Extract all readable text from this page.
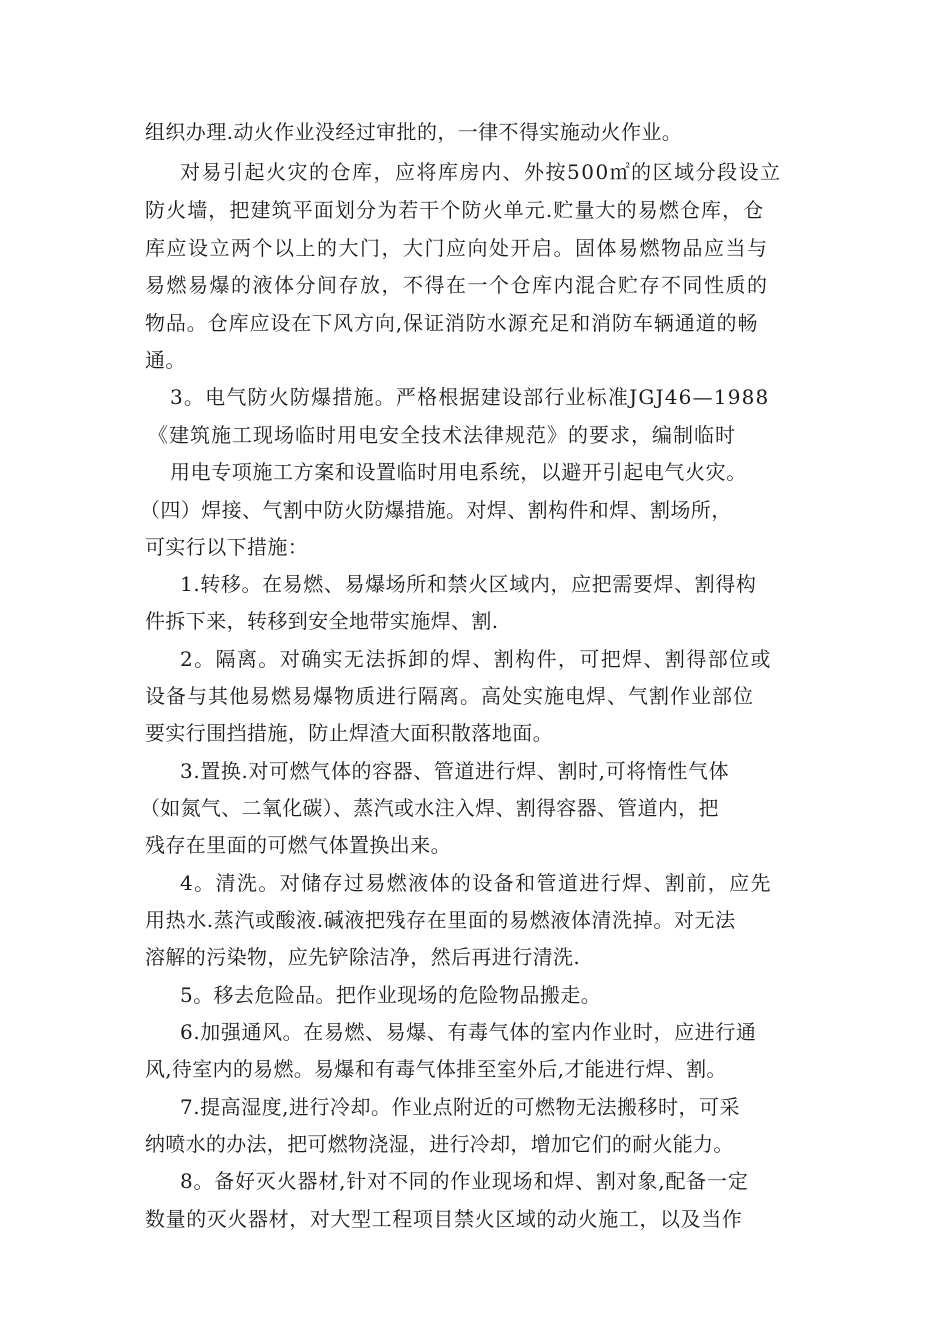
组织办理.动火作业没经过审批的，一律不得实施动火作业。

对易引起火灾的仓库，应将库房内、外按500㎡的区域分段设立

防火墙，把建筑平面划分为若干个防火单元.贮量大的易燃仓库，仓

库应设立两个以上的大门，大门应向处开启。固体易燃物品应当与

易燃易爆的液体分间存放，不得在一个仓库内混合贮存不同性质的

物品。仓库应设在下风方向,保证消防水源充足和消防车辆通道的畅

通。

3。电气防火防爆措施。严格根据建设部行业标准JGJ46—1988

《建筑施工现场临时用电安全技术法律规范》的要求，编制临时

用电专项施工方案和设置临时用电系统，以避开引起电气火灾。

（四）焊接、气割中防火防爆措施。对焊、割构件和焊、割场所，

可实行以下措施：

1.转移。在易燃、易爆场所和禁火区域内，应把需要焊、割得构

件拆下来，转移到安全地带实施焊、割.

2。隔离。对确实无法拆卸的焊、割构件，可把焊、割得部位或

设备与其他易燃易爆物质进行隔离。高处实施电焊、气割作业部位

要实行围挡措施，防止焊渣大面积散落地面。

3.置换.对可燃气体的容器、管道进行焊、割时,可将惰性气体

（如氮气、二氧化碳）、蒸汽或水注入焊、割得容器、管道内，把

残存在里面的可燃气体置换出来。

4。清洗。对储存过易燃液体的设备和管道进行焊、割前，应先

用热水.蒸汽或酸液.碱液把残存在里面的易燃液体清洗掉。对无法

溶解的污染物，应先铲除洁净，然后再进行清洗.

5。移去危险品。把作业现场的危险物品搬走。

6.加强通风。在易燃、易爆、有毒气体的室内作业时，应进行通

风,待室内的易燃。易爆和有毒气体排至室外后,才能进行焊、割。

7.提高湿度,进行冷却。作业点附近的可燃物无法搬移时，可采

纳喷水的办法，把可燃物浇湿，进行冷却，增加它们的耐火能力。

8。备好灭火器材,针对不同的作业现场和焊、割对象,配备一定

数量的灭火器材，对大型工程项目禁火区域的动火施工，以及当作
